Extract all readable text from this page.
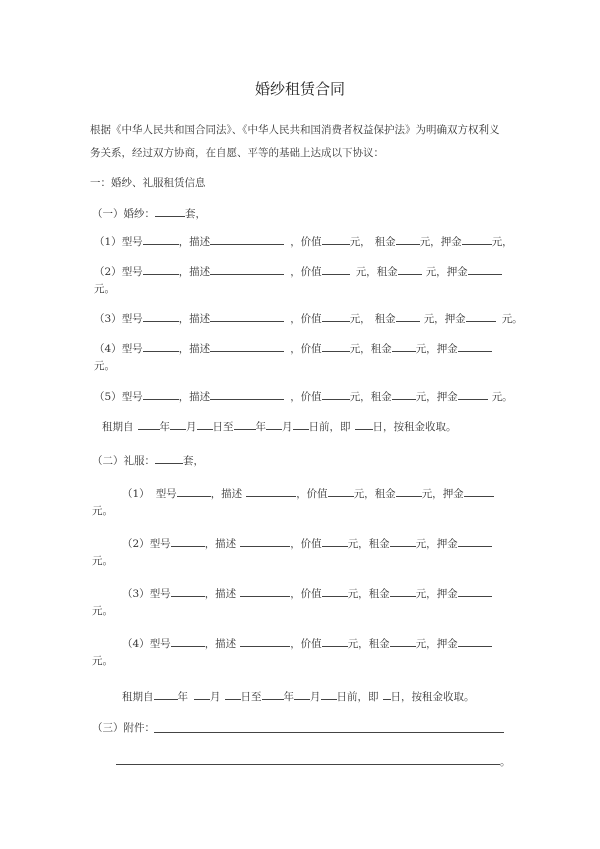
婚纱租赁合同
根据《中华人民共和国合同法》、《中华人民共和国消费者权益保护法》为明确双方权利义
务关系，经过双方协商，在自愿、平等的基础上达成以下协议：
一：婚纱、礼服租赁信息
（一）婚纱：	套，
（1）型号	，描述	，价值	元， 租金 元，押金	元，
（2）型号	，描述	，价值	元，租金	元，押金
元。
（3）型号	，描述	，价值	元， 租金	元，押金	元。
（4）型号	，描述	，价值	元，租金 元，押金
元。
（5）型号	，描述	，价值	元，租金 元，押金	元。
租期自 年 月 日至 年 月 日前，即 日，按租金收取。
（二）礼服：	套，
（1） 型号	，描述	，价值 元，租金 元，押金
元。
（2）型号	，描述	，价值 元，租金 元，押金
元。
（3）型号	，描述	，价值 元，租金 元，押金
元。
（4）型号	，描述	，价值 元，租金 元，押金
元。
租期自 年 月 日至 年 月 日前，即 日，按租金收取。
（三）附件：
。
